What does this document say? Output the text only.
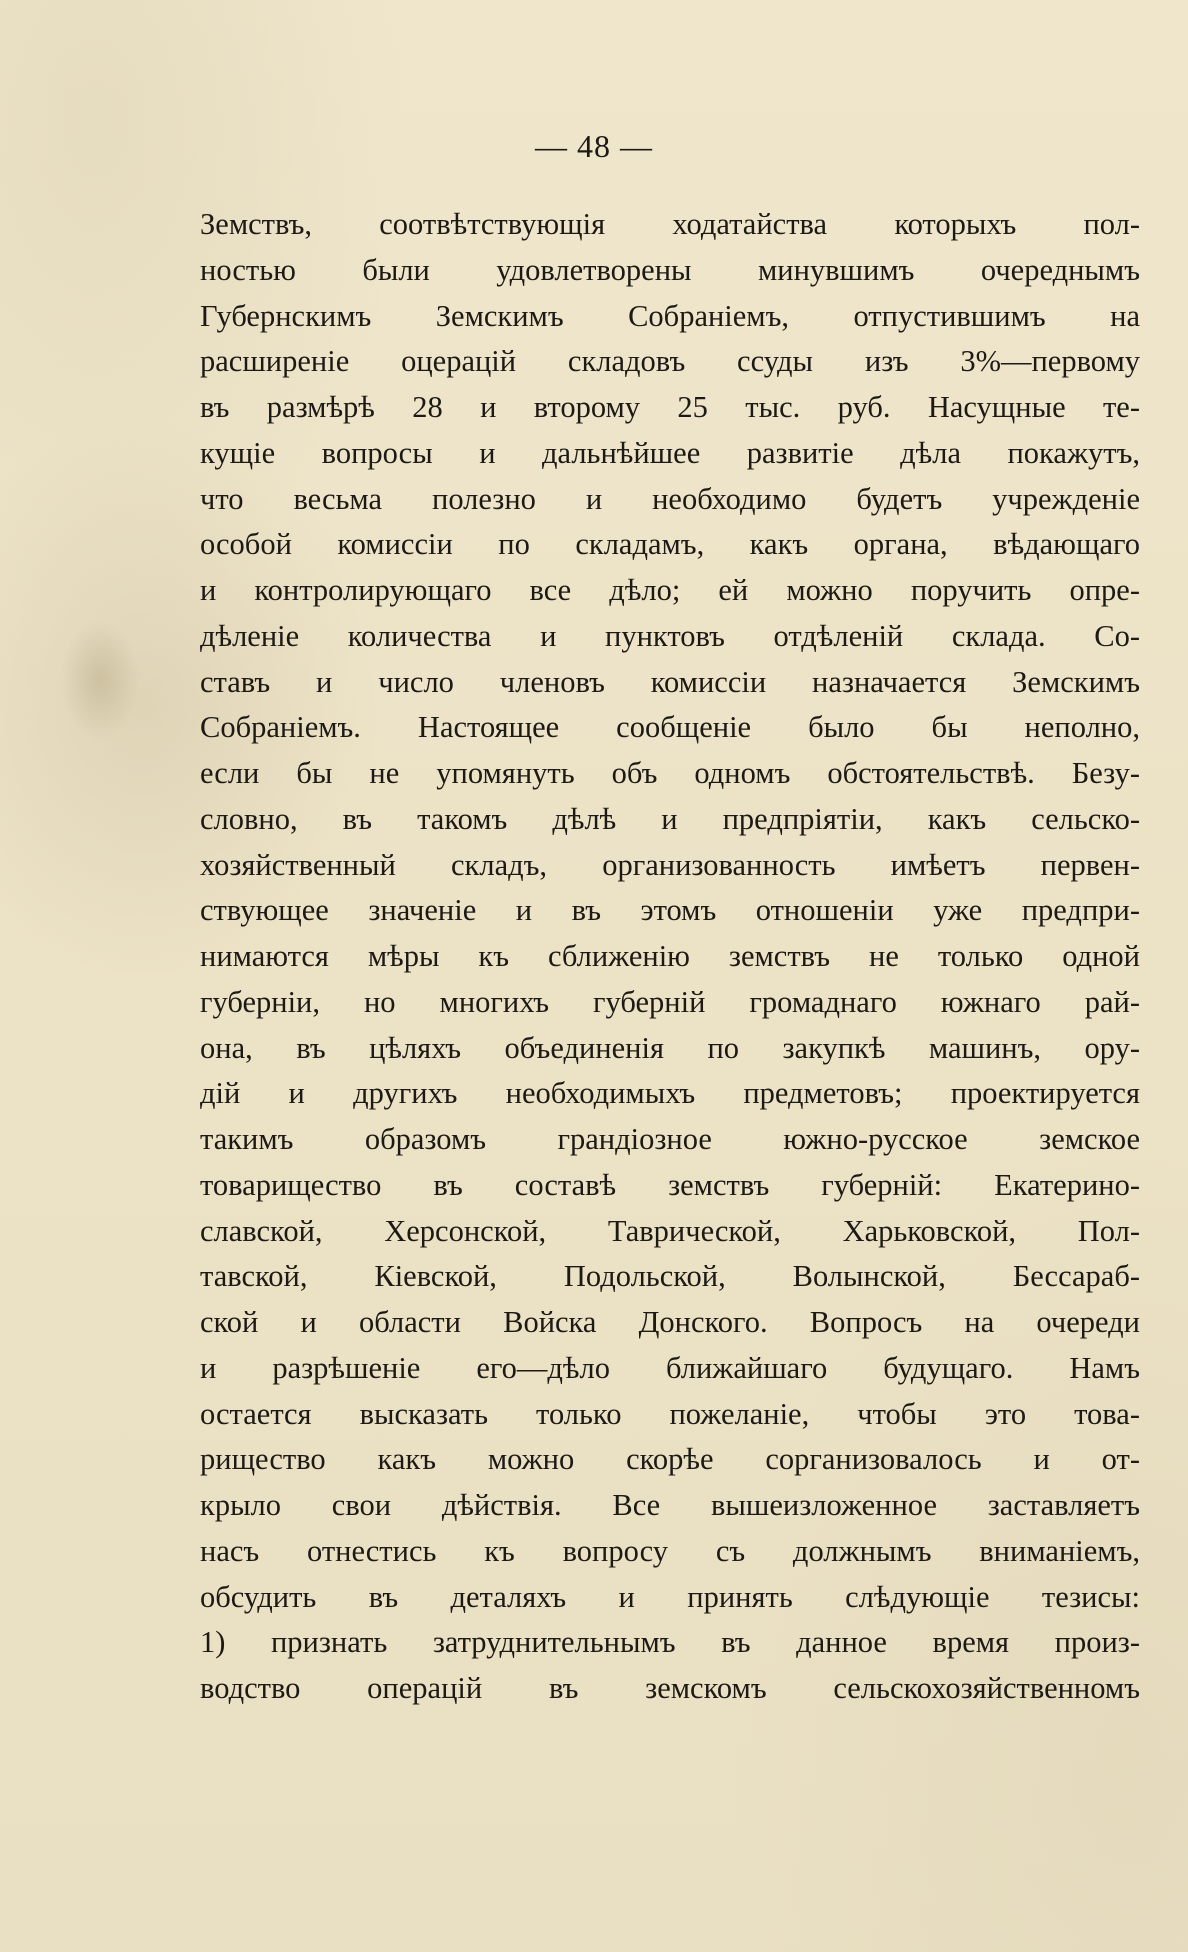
— 48 —
Земствъ, соотвѣтствующія ходатайства которыхъ пол-
ностью были удовлетворены минувшимъ очереднымъ
Губернскимъ Земскимъ Собраніемъ, отпустившимъ на
расширеніе оцерацій складовъ ссуды изъ 3%—первому
въ размѣрѣ 28 и второму 25 тыс. руб. Насущные те-
кущіе вопросы и дальнѣйшее развитіе дѣла покажутъ,
что весьма полезно и необходимо будетъ учрежденіе
особой комиссіи по складамъ, какъ органа, вѣдающаго
и контролирующаго все дѣло; ей можно поручить опре-
дѣленіе количества и пунктовъ отдѣленій склада. Со-
ставъ и число членовъ комиссіи назначается Земскимъ
Собраніемъ. Настоящее сообщеніе было бы неполно,
если бы не упомянуть объ одномъ обстоятельствѣ. Безу-
словно, въ такомъ дѣлѣ и предпріятіи, какъ сельско-
хозяйственный складъ, организованность имѣетъ первен-
ствующее значеніе и въ этомъ отношеніи уже предпри-
нимаются мѣры къ сближенію земствъ не только одной
губерніи, но многихъ губерній громаднаго южнаго рай-
она, въ цѣляхъ объединенія по закупкѣ машинъ, ору-
дій и другихъ необходимыхъ предметовъ; проектируется
такимъ образомъ грандіозное южно-русское земское
товарищество въ составѣ земствъ губерній: Екатерино-
славской, Херсонской, Таврической, Харьковской, Пол-
тавской, Кіевской, Подольской, Волынской, Бессараб-
ской и области Войска Донского. Вопросъ на очереди
и разрѣшеніе его—дѣло ближайшаго будущаго. Намъ
остается высказать только пожеланіе, чтобы это това-
рищество какъ можно скорѣе сорганизовалось и от-
крыло свои дѣйствія. Все вышеизложенное заставляетъ
насъ отнестись къ вопросу съ должнымъ вниманіемъ,
обсудить въ деталяхъ и принять слѣдующіе тезисы:
1) признать затруднительнымъ въ данное время произ-
водство операцій въ земскомъ сельскохозяйственномъ
